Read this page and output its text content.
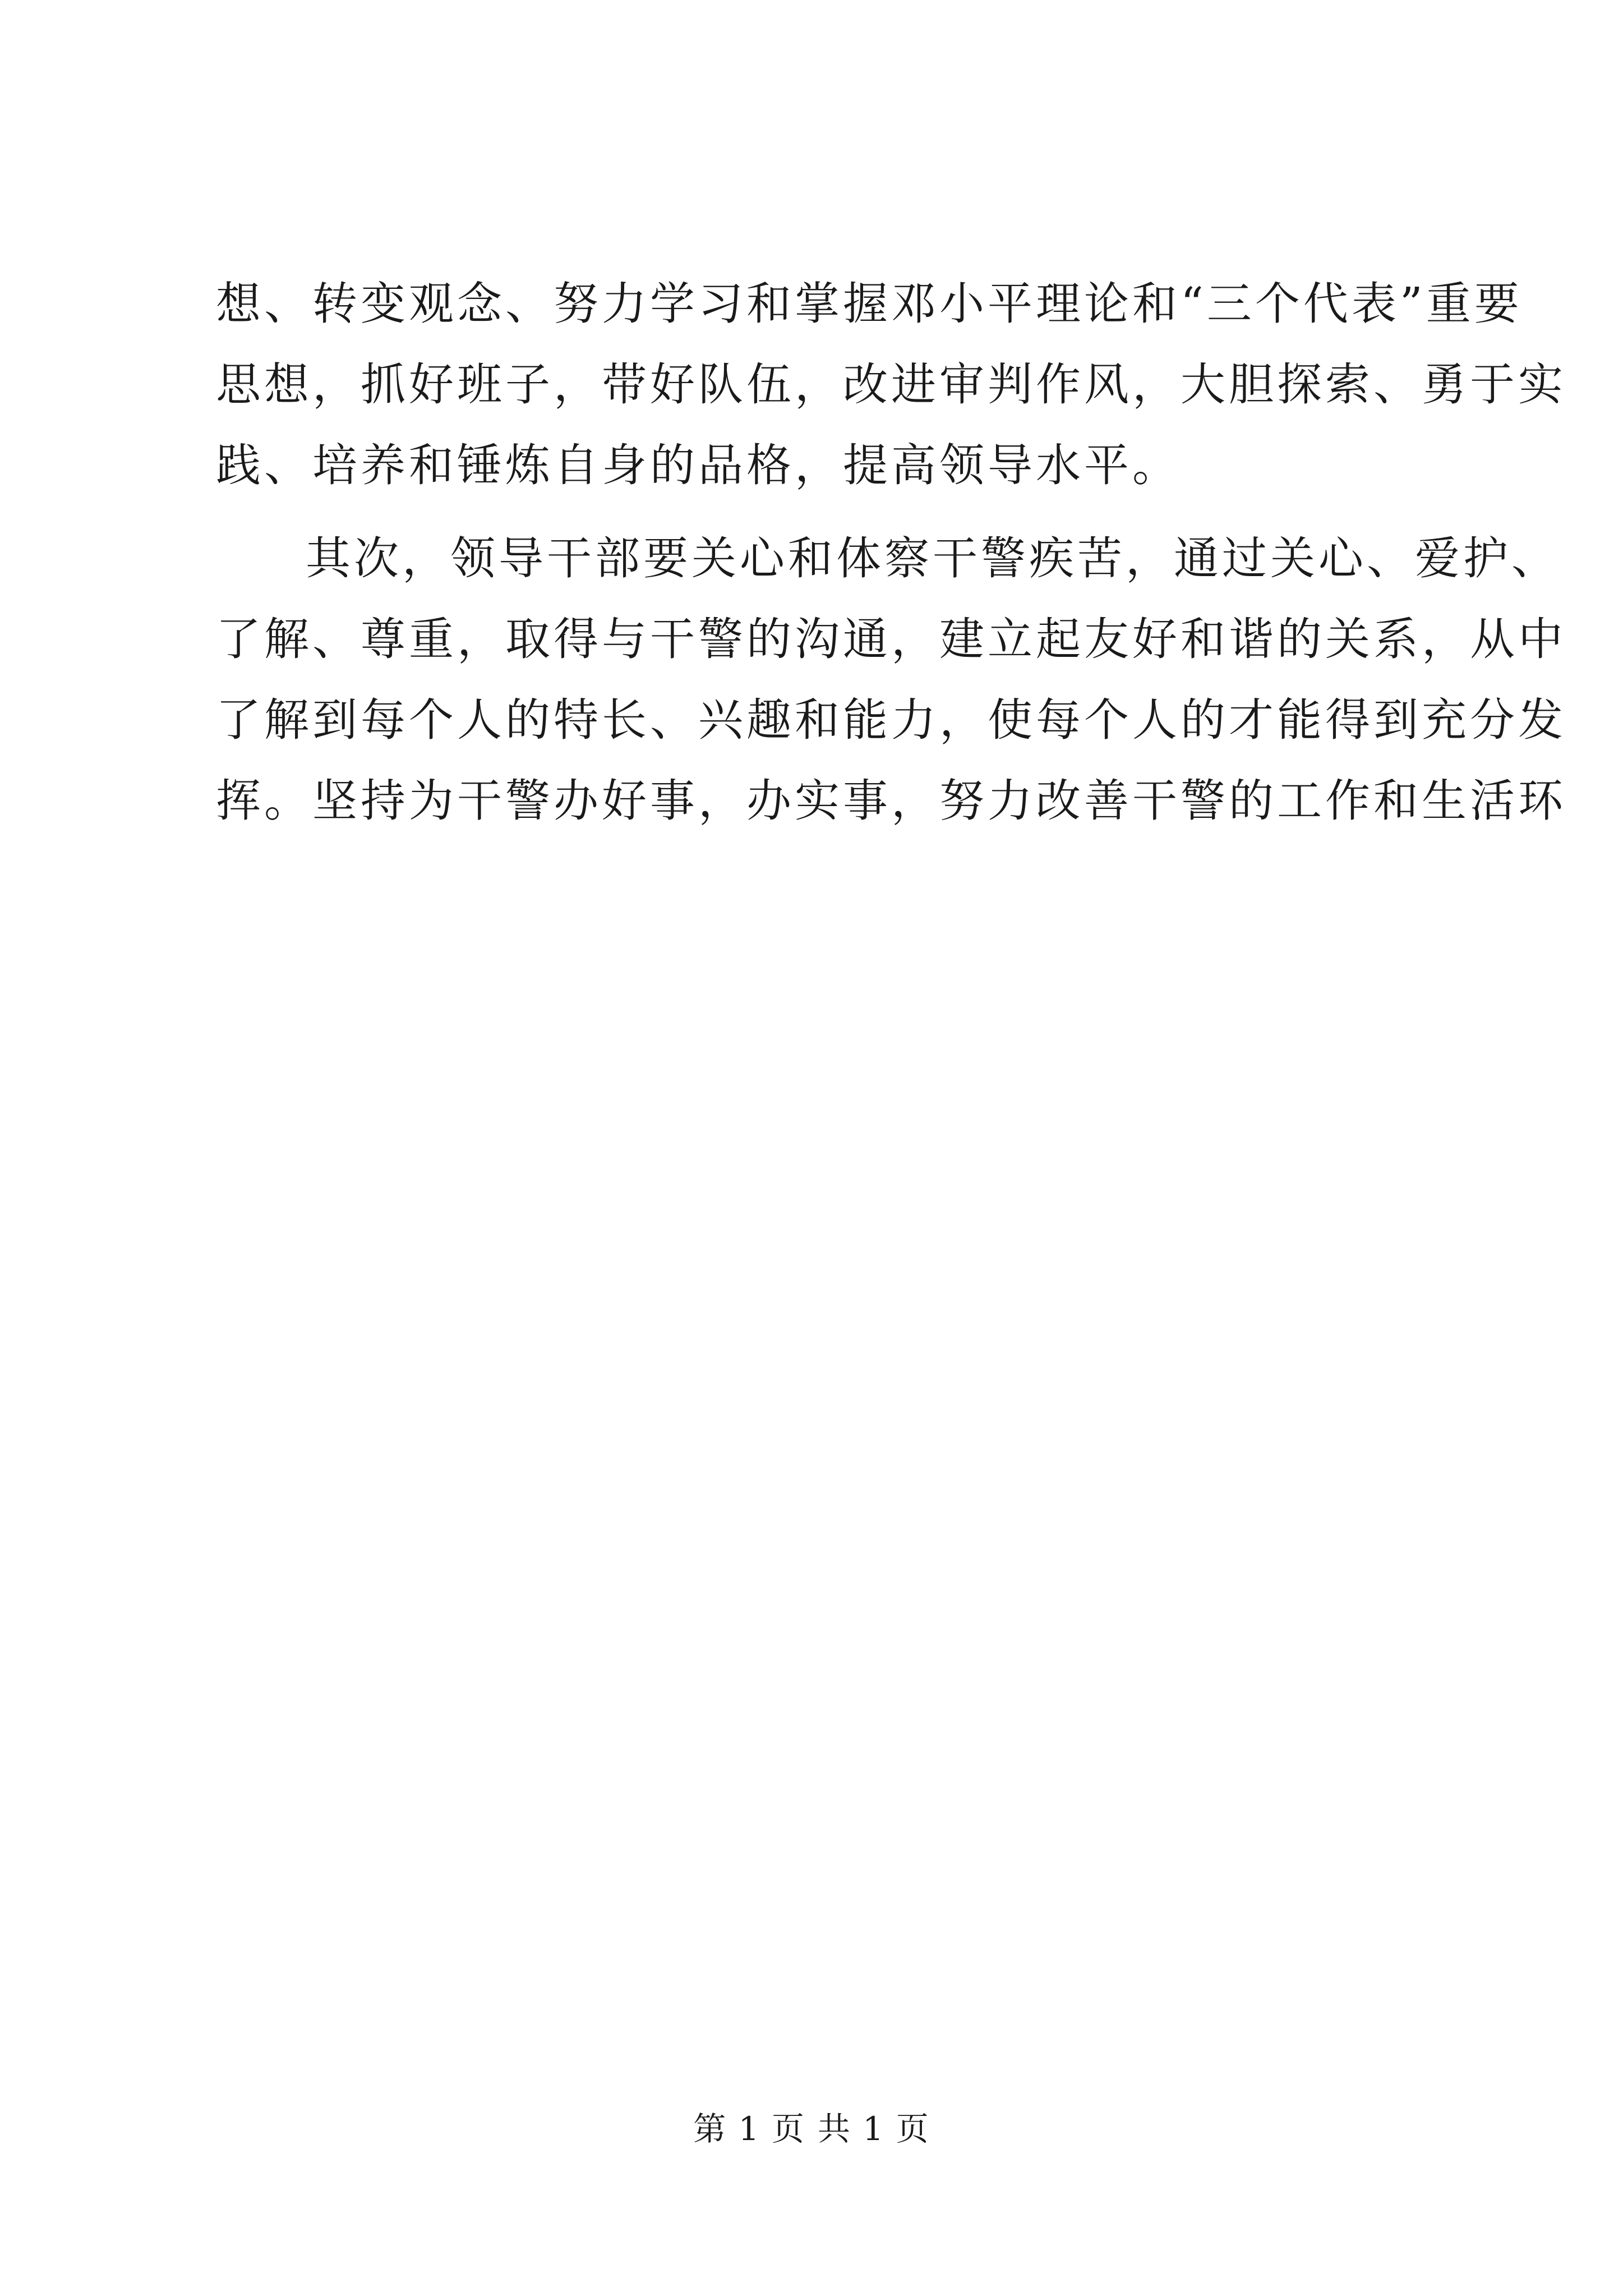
想、转变观念、努力学习和掌握邓小平理论和“三个代表”重要
思想，抓好班子，带好队伍，改进审判作风，大胆探索、勇于实
践、培养和锤炼自身的品格，提高领导水平。
其次，领导干部要关心和体察干警疾苦，通过关心、爱护、
了解、尊重，取得与干警的沟通，建立起友好和谐的关系，从中
了解到每个人的特长、兴趣和能力，使每个人的才能得到充分发
挥。坚持为干警办好事，办实事，努力改善干警的工作和生活环
第 1 页 共 1 页
